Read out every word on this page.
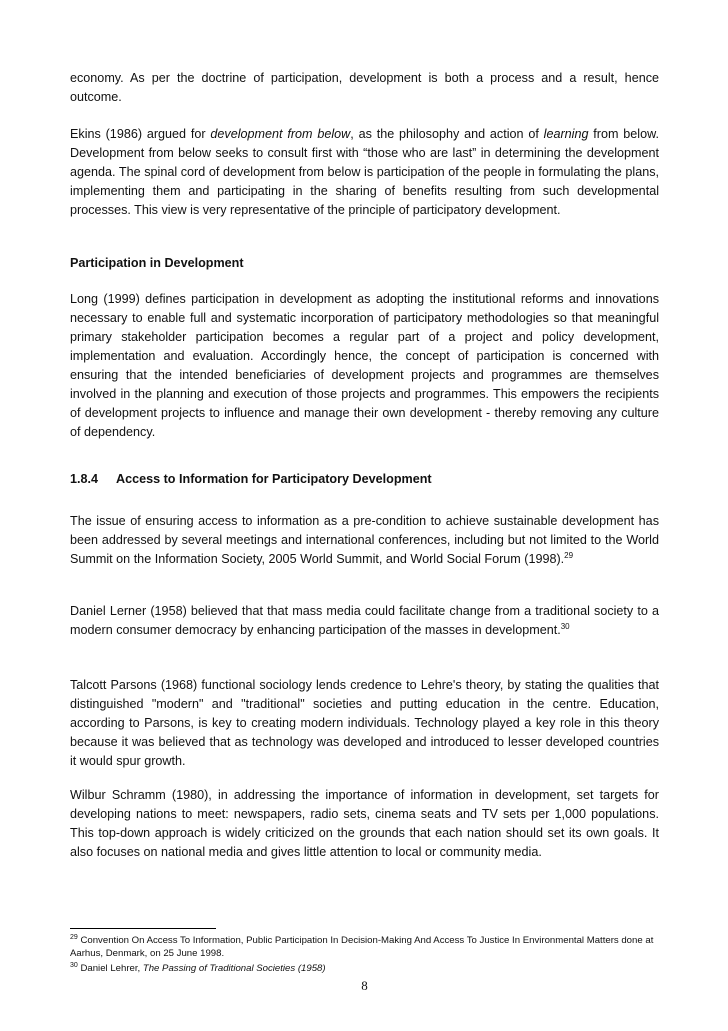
economy. As per the doctrine of participation, development is both a process and a result, hence outcome.

Ekins (1986) argued for development from below, as the philosophy and action of learning from below. Development from below seeks to consult first with “those who are last” in determining the development agenda. The spinal cord of development from below is participation of the people in formulating the plans, implementing them and participating in the sharing of benefits resulting from such developmental processes. This view is very representative of the principle of participatory development.

Participation in Development

Long (1999) defines participation in development as adopting the institutional reforms and innovations necessary to enable full and systematic incorporation of participatory methodologies so that meaningful primary stakeholder participation becomes a regular part of a project and policy development, implementation and evaluation. Accordingly hence, the concept of participation is concerned with ensuring that the intended beneficiaries of development projects and programmes are themselves involved in the planning and execution of those projects and programmes. This empowers the recipients of development projects to influence and manage their own development - thereby removing any culture of dependency.

1.8.4 Access to Information for Participatory Development

The issue of ensuring access to information as a pre-condition to achieve sustainable development has been addressed by several meetings and international conferences, including but not limited to the World Summit on the Information Society, 2005 World Summit, and World Social Forum (1998).$^{29}$

Daniel Lerner (1958) believed that that mass media could facilitate change from a traditional society to a modern consumer democracy by enhancing participation of the masses in development.$^{30}$

Talcott Parsons (1968) functional sociology lends credence to Lehre's theory, by stating the qualities that distinguished "modern" and "traditional" societies and putting education in the centre. Education, according to Parsons, is key to creating modern individuals. Technology played a key role in this theory because it was believed that as technology was developed and introduced to lesser developed countries it would spur growth.

Wilbur Schramm (1980), in addressing the importance of information in development, set targets for developing nations to meet: newspapers, radio sets, cinema seats and TV sets per 1,000 populations. This top-down approach is widely criticized on the grounds that each nation should set its own goals. It also focuses on national media and gives little attention to local or community media.

$^{29}$ Convention On Access To Information, Public Participation In Decision-Making And Access To Justice In Environmental Matters done at Aarhus, Denmark, on 25 June 1998.

$^{30}$ Daniel Lehrer, The Passing of Traditional Societies (1958)

8
